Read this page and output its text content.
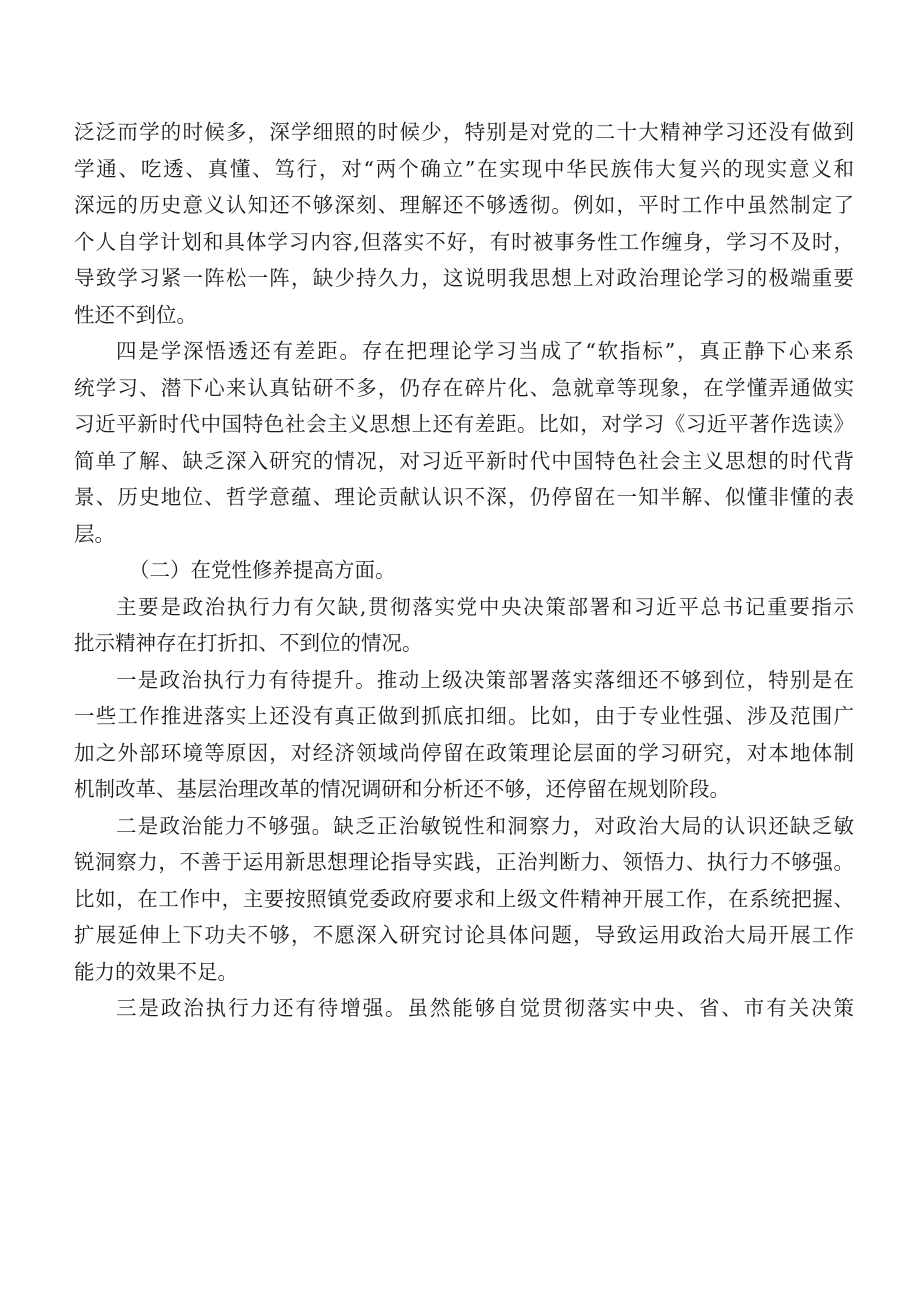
泛泛而学的时候多，深学细照的时候少，特别是对党的二十大精神学习还没有做到
学通、吃透、真懂、笃行，对“两个确立”在实现中华民族伟大复兴的现实意义和
深远的历史意义认知还不够深刻、理解还不够透彻。例如，平时工作中虽然制定了
个人自学计划和具体学习内容,但落实不好，有时被事务性工作缠身，学习不及时，
导致学习紧一阵松一阵，缺少持久力，这说明我思想上对政治理论学习的极端重要
性还不到位。
四是学深悟透还有差距。存在把理论学习当成了“软指标”，真正静下心来系
统学习、潜下心来认真钻研不多，仍存在碎片化、急就章等现象，在学懂弄通做实
习近平新时代中国特色社会主义思想上还有差距。比如，对学习《习近平著作选读》
简单了解、缺乏深入研究的情况，对习近平新时代中国特色社会主义思想的时代背
景、历史地位、哲学意蕴、理论贡献认识不深，仍停留在一知半解、似懂非懂的表
层。
（二）在党性修养提高方面。
主要是政治执行力有欠缺,贯彻落实党中央决策部署和习近平总书记重要指示
批示精神存在打折扣、不到位的情况。
一是政治执行力有待提升。推动上级决策部署落实落细还不够到位，特别是在
一些工作推进落实上还没有真正做到抓底扣细。比如，由于专业性强、涉及范围广
加之外部环境等原因，对经济领域尚停留在政策理论层面的学习研究，对本地体制
机制改革、基层治理改革的情况调研和分析还不够，还停留在规划阶段。
二是政治能力不够强。缺乏正治敏锐性和洞察力，对政治大局的认识还缺乏敏
锐洞察力，不善于运用新思想理论指导实践，正治判断力、领悟力、执行力不够强。
比如，在工作中，主要按照镇党委政府要求和上级文件精神开展工作，在系统把握、
扩展延伸上下功夫不够，不愿深入研究讨论具体问题，导致运用政治大局开展工作
能力的效果不足。
三是政治执行力还有待增强。虽然能够自觉贯彻落实中央、省、市有关决策
